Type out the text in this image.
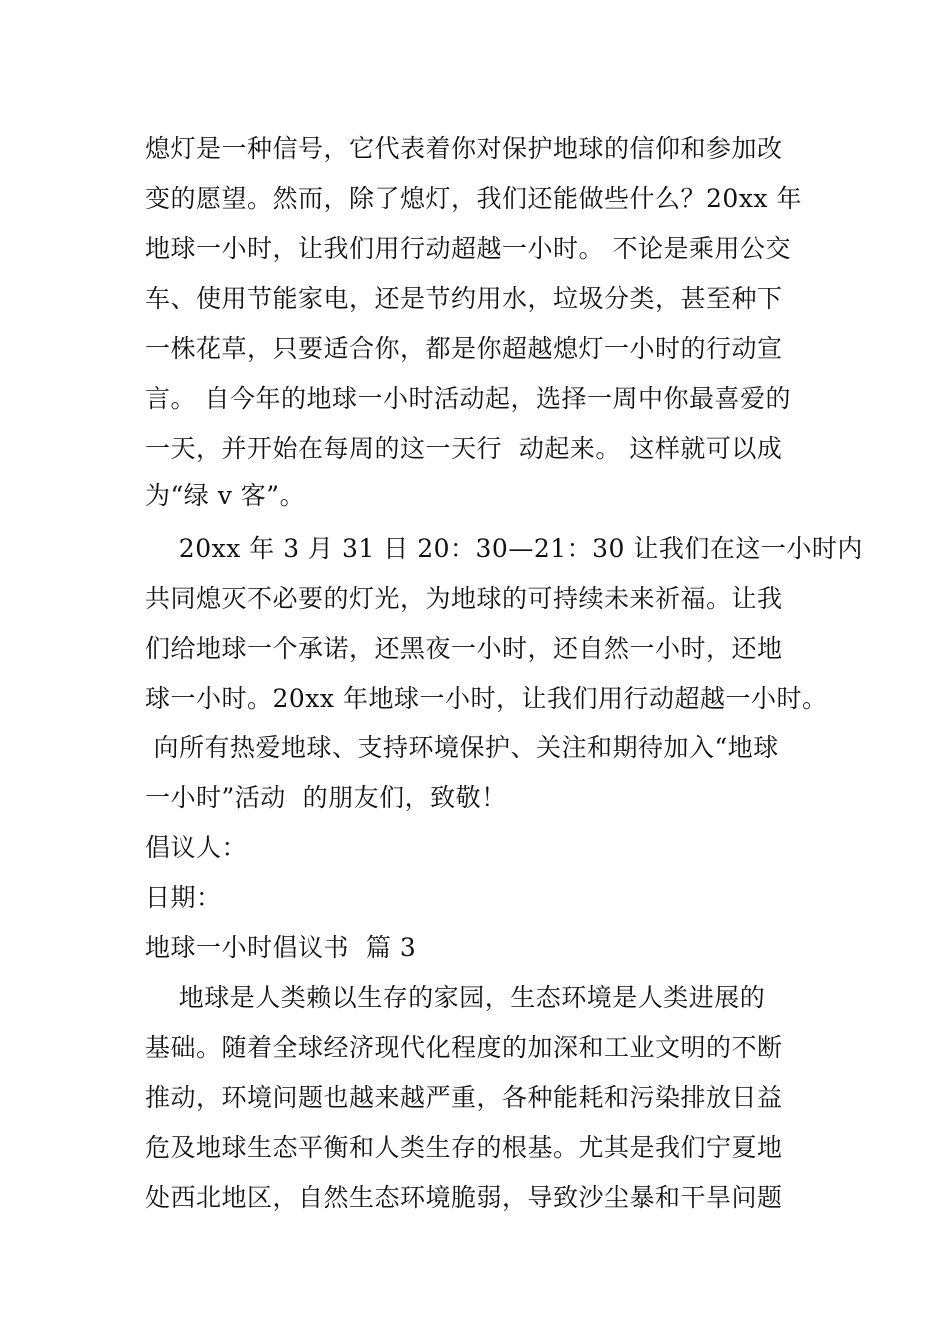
熄灯是一种信号，它代表着你对保护地球的信仰和参加改
变的愿望。然而，除了熄灯，我们还能做些什么？20xx 年
地球一小时，让我们用行动超越一小时。 不论是乘用公交
车、使用节能家电，还是节约用水，垃圾分类，甚至种下
一株花草，只要适合你，都是你超越熄灯一小时的行动宣
言。 自今年的地球一小时活动起，选择一周中你最喜爱的
一天，并开始在每周的这一天行  动起来。 这样就可以成
为“绿 v 客”。
20xx 年 3 月 31 日 20：30—21：30 让我们在这一小时内
共同熄灭不必要的灯光，为地球的可持续未来祈福。让我
们给地球一个承诺，还黑夜一小时，还自然一小时，还地
球一小时。20xx 年地球一小时，让我们用行动超越一小时。
向所有热爱地球、支持环境保护、关注和期待加入“地球
一小时”活动  的朋友们，致敬！
倡议人：
日期：
地球一小时倡议书  篇 3
地球是人类赖以生存的家园，生态环境是人类进展的
基础。随着全球经济现代化程度的加深和工业文明的不断
推动，环境问题也越来越严重，各种能耗和污染排放日益
危及地球生态平衡和人类生存的根基。尤其是我们宁夏地
处西北地区，自然生态环境脆弱，导致沙尘暴和干旱问题
